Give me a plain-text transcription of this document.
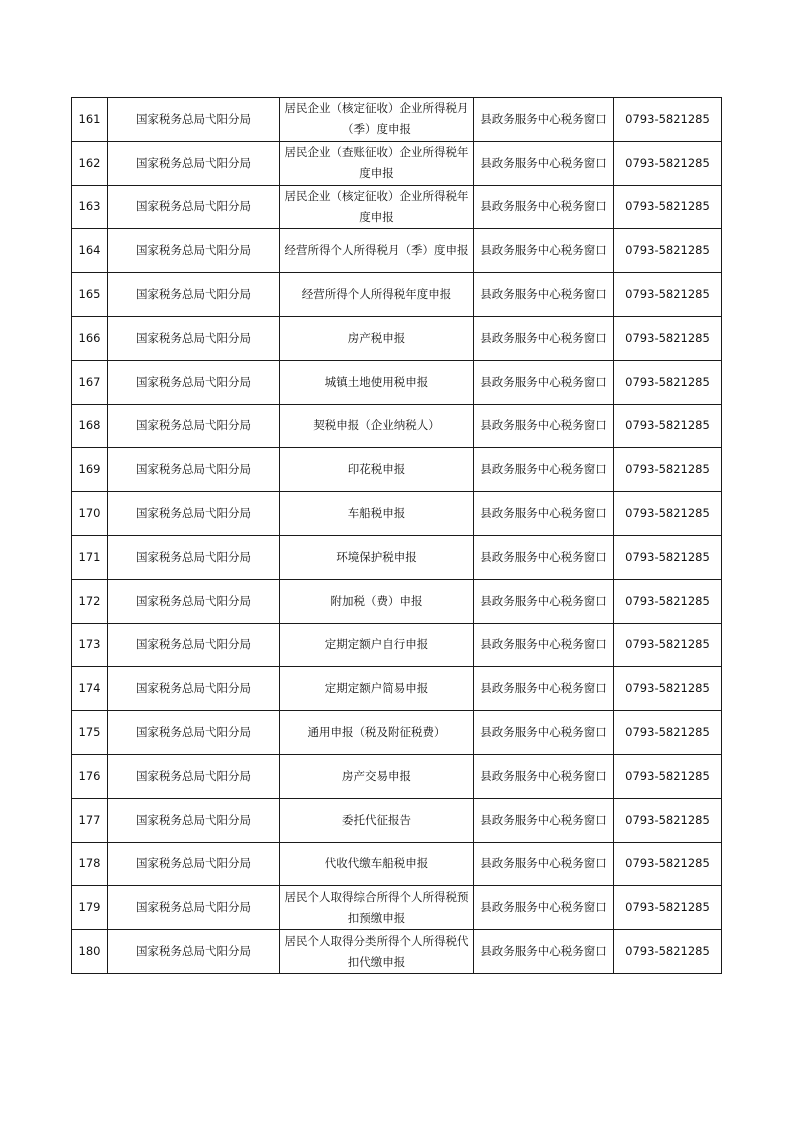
161	国家税务总局弋阳分局	居民企业（核定征收）企业所得税月（季）度申报	县政务服务中心税务窗口	0793-5821285
162	国家税务总局弋阳分局	居民企业（查账征收）企业所得税年度申报	县政务服务中心税务窗口	0793-5821285
163	国家税务总局弋阳分局	居民企业（核定征收）企业所得税年度申报	县政务服务中心税务窗口	0793-5821285
164	国家税务总局弋阳分局	经营所得个人所得税月（季）度申报	县政务服务中心税务窗口	0793-5821285
165	国家税务总局弋阳分局	经营所得个人所得税年度申报	县政务服务中心税务窗口	0793-5821285
166	国家税务总局弋阳分局	房产税申报	县政务服务中心税务窗口	0793-5821285
167	国家税务总局弋阳分局	城镇土地使用税申报	县政务服务中心税务窗口	0793-5821285
168	国家税务总局弋阳分局	契税申报（企业纳税人）	县政务服务中心税务窗口	0793-5821285
169	国家税务总局弋阳分局	印花税申报	县政务服务中心税务窗口	0793-5821285
170	国家税务总局弋阳分局	车船税申报	县政务服务中心税务窗口	0793-5821285
171	国家税务总局弋阳分局	环境保护税申报	县政务服务中心税务窗口	0793-5821285
172	国家税务总局弋阳分局	附加税（费）申报	县政务服务中心税务窗口	0793-5821285
173	国家税务总局弋阳分局	定期定额户自行申报	县政务服务中心税务窗口	0793-5821285
174	国家税务总局弋阳分局	定期定额户简易申报	县政务服务中心税务窗口	0793-5821285
175	国家税务总局弋阳分局	通用申报（税及附征税费）	县政务服务中心税务窗口	0793-5821285
176	国家税务总局弋阳分局	房产交易申报	县政务服务中心税务窗口	0793-5821285
177	国家税务总局弋阳分局	委托代征报告	县政务服务中心税务窗口	0793-5821285
178	国家税务总局弋阳分局	代收代缴车船税申报	县政务服务中心税务窗口	0793-5821285
179	国家税务总局弋阳分局	居民个人取得综合所得个人所得税预扣预缴申报	县政务服务中心税务窗口	0793-5821285
180	国家税务总局弋阳分局	居民个人取得分类所得个人所得税代扣代缴申报	县政务服务中心税务窗口	0793-5821285
